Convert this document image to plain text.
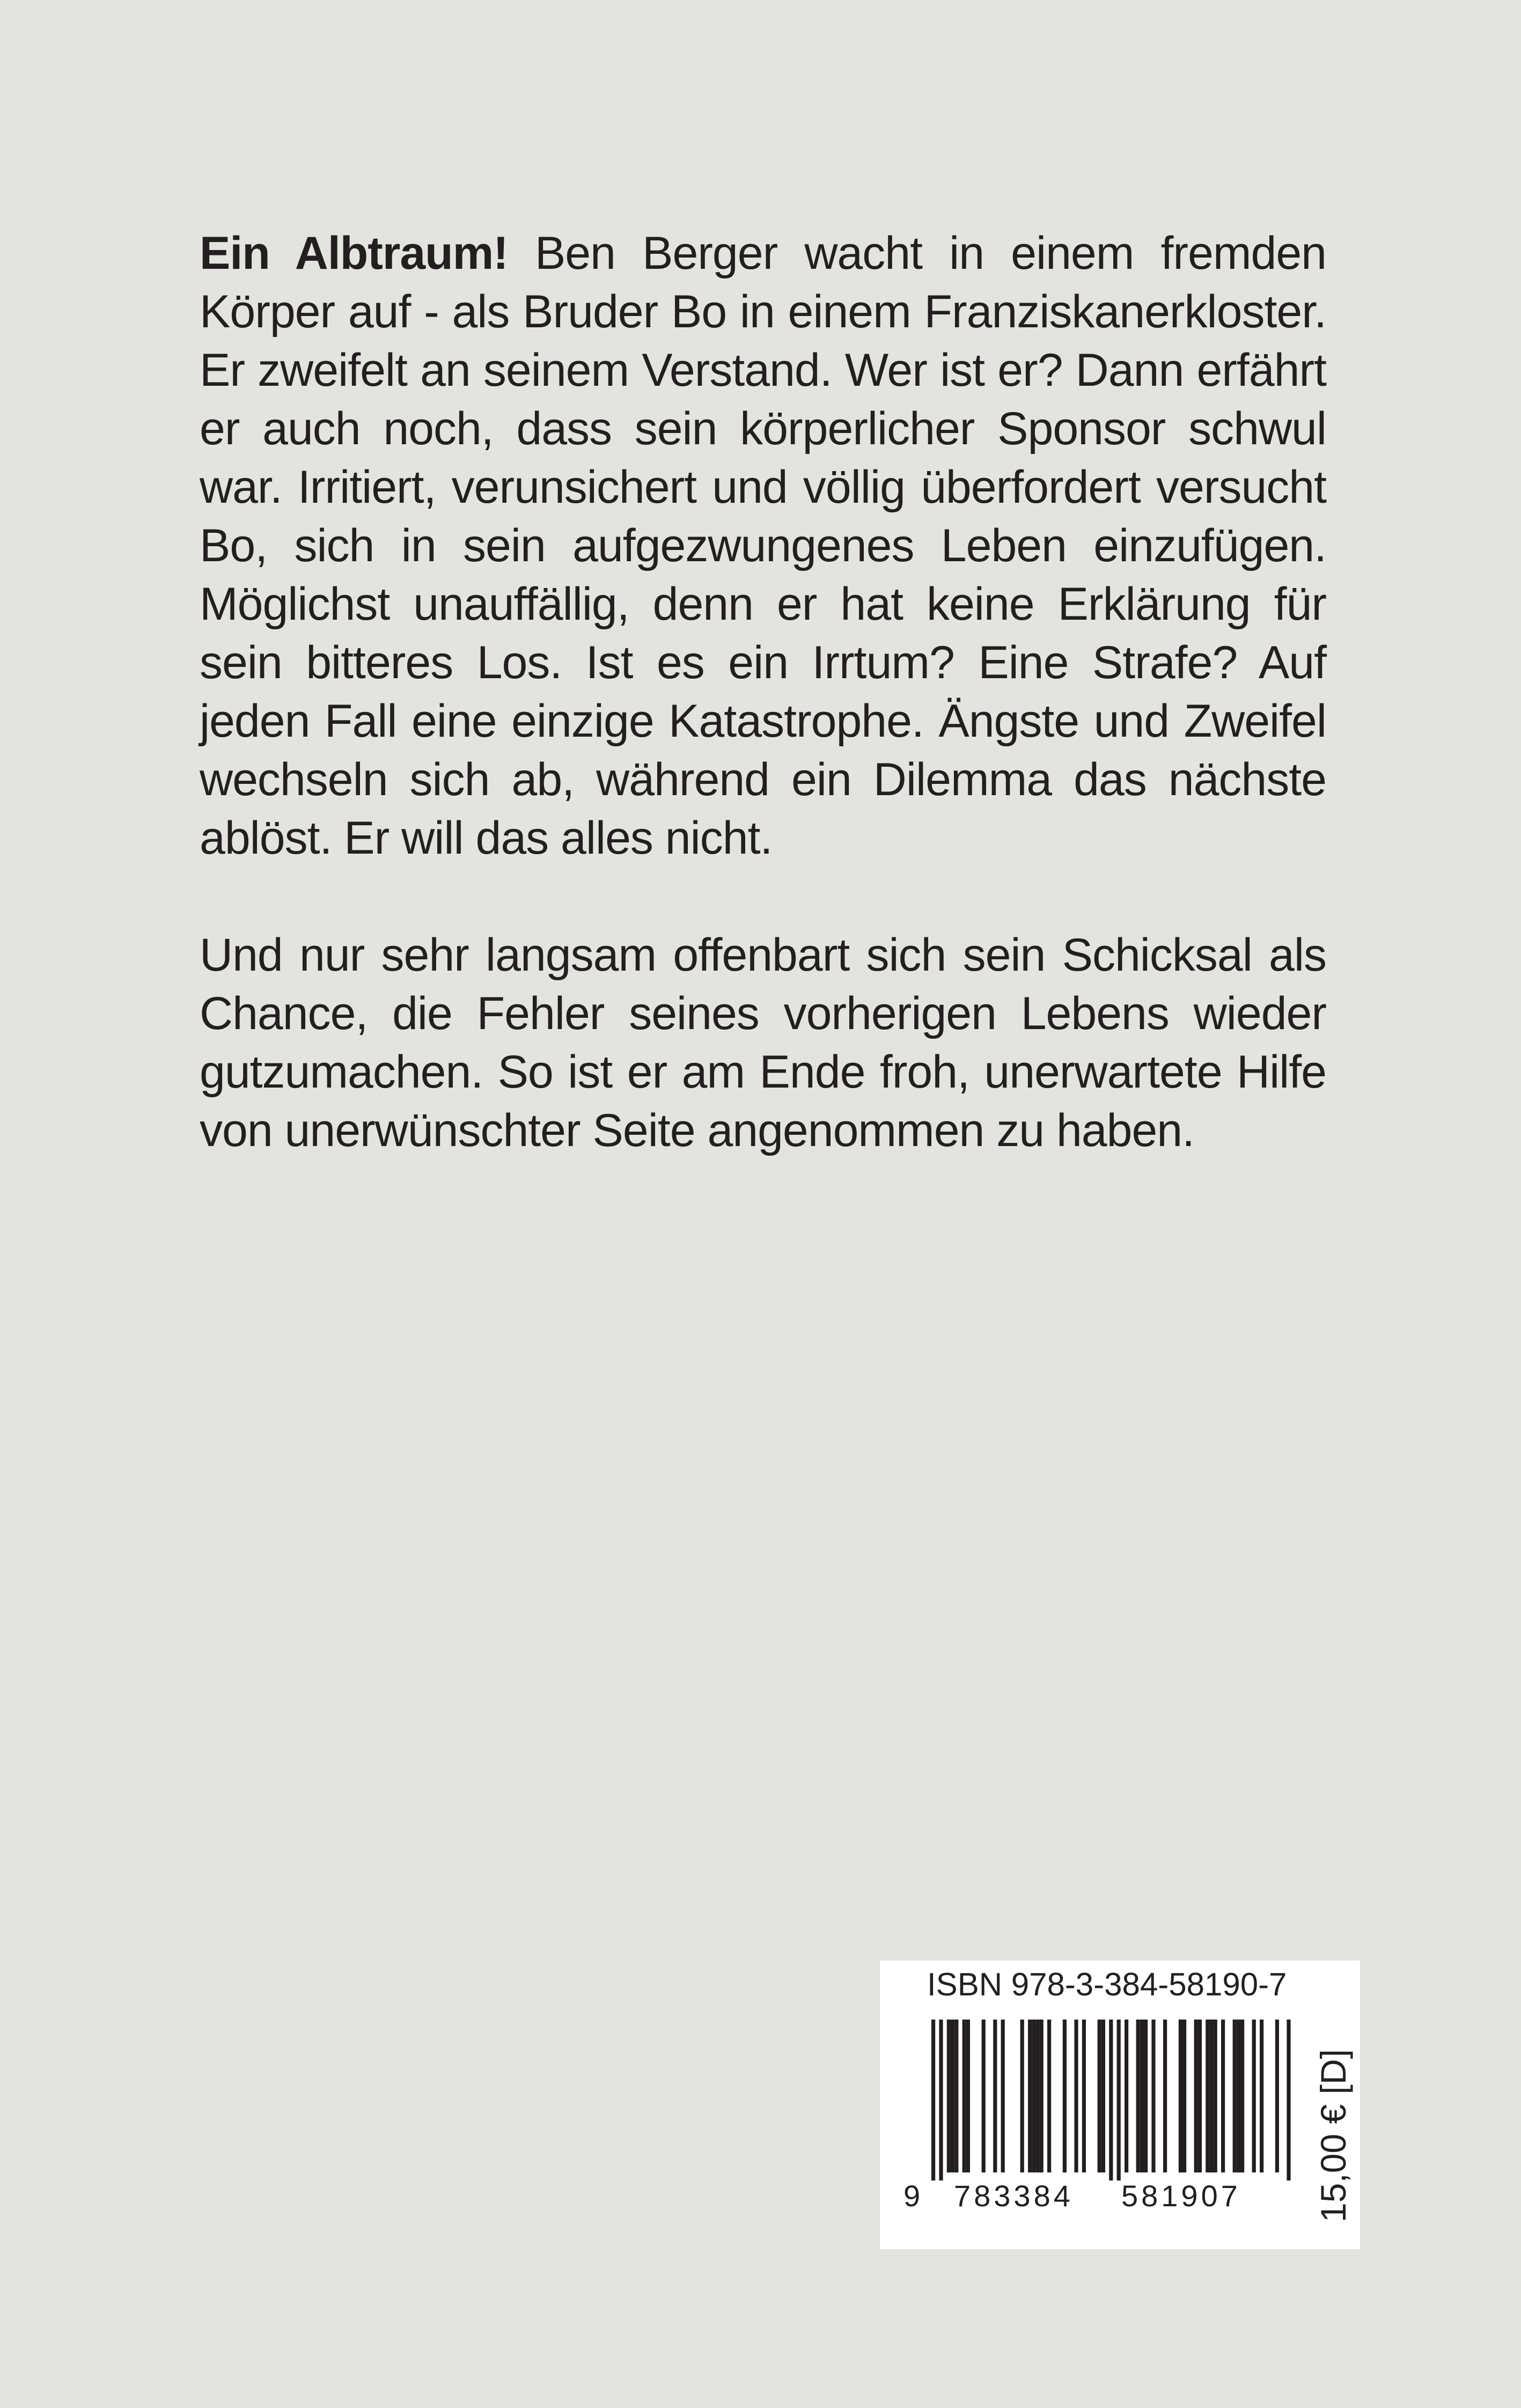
Ein Albtraum! Ben Berger wacht in einem fremden Körper auf - als Bruder Bo in einem Franziskanerkloster. Er zweifelt an seinem Verstand. Wer ist er? Dann erfährt er auch noch, dass sein körperlicher Sponsor schwul war. Irritiert, verunsichert und völlig überfordert versucht Bo, sich in sein aufgezwungenes Leben einzufügen. Möglichst unauffällig, denn er hat keine Erklärung für sein bitteres Los. Ist es ein Irrtum? Eine Strafe? Auf jeden Fall eine einzige Katastrophe. Ängste und Zweifel wechseln sich ab, während ein Dilemma das nächste ablöst. Er will das alles nicht.

Und nur sehr langsam offenbart sich sein Schicksal als Chance, die Fehler seines vorherigen Lebens wieder gutzumachen. So ist er am Ende froh, unerwartete Hilfe von unerwünschter Seite angenommen zu haben.

ISBN 978-3-384-58190-7
9 783384 581907 15,00 € [D]
